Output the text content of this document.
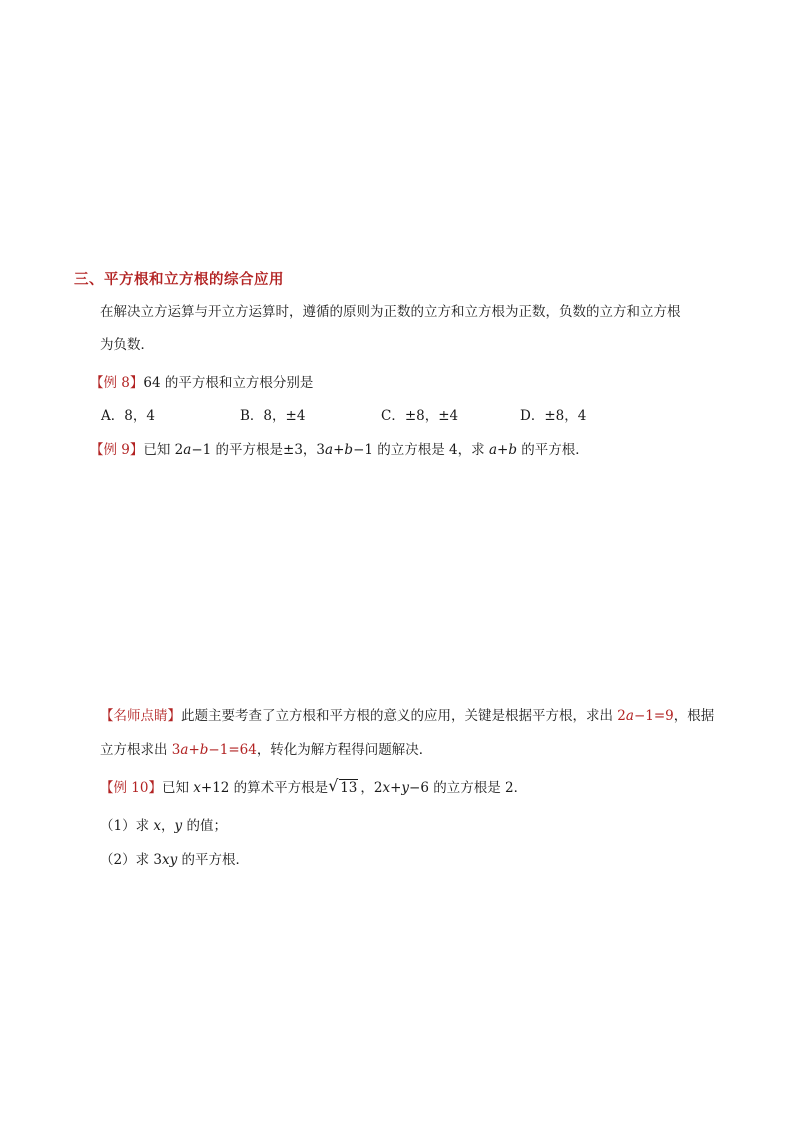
三、平方根和立方根的综合应用
在解决立方运算与开立方运算时，遵循的原则为正数的立方和立方根为正数，负数的立方和立方根
为负数．
【例 8】64 的平方根和立方根分别是
A．8，4	B．8，±4	C．±8，±4	D．±8，4
【例 9】已知 2a−1 的平方根是±3，3a+b−1 的立方根是 4，求 a+b 的平方根．
【名师点睛】此题主要考查了立方根和平方根的意义的应用，关键是根据平方根，求出 2a−1=9，根据
立方根求出 3a+b−1=64，转化为解方程得问题解决．
【例 10】已知 x+12 的算术平方根是 √ 13 ，2x+y−6 的立方根是 2．
（1）求 x，y 的值；
（2）求 3xy 的平方根．
